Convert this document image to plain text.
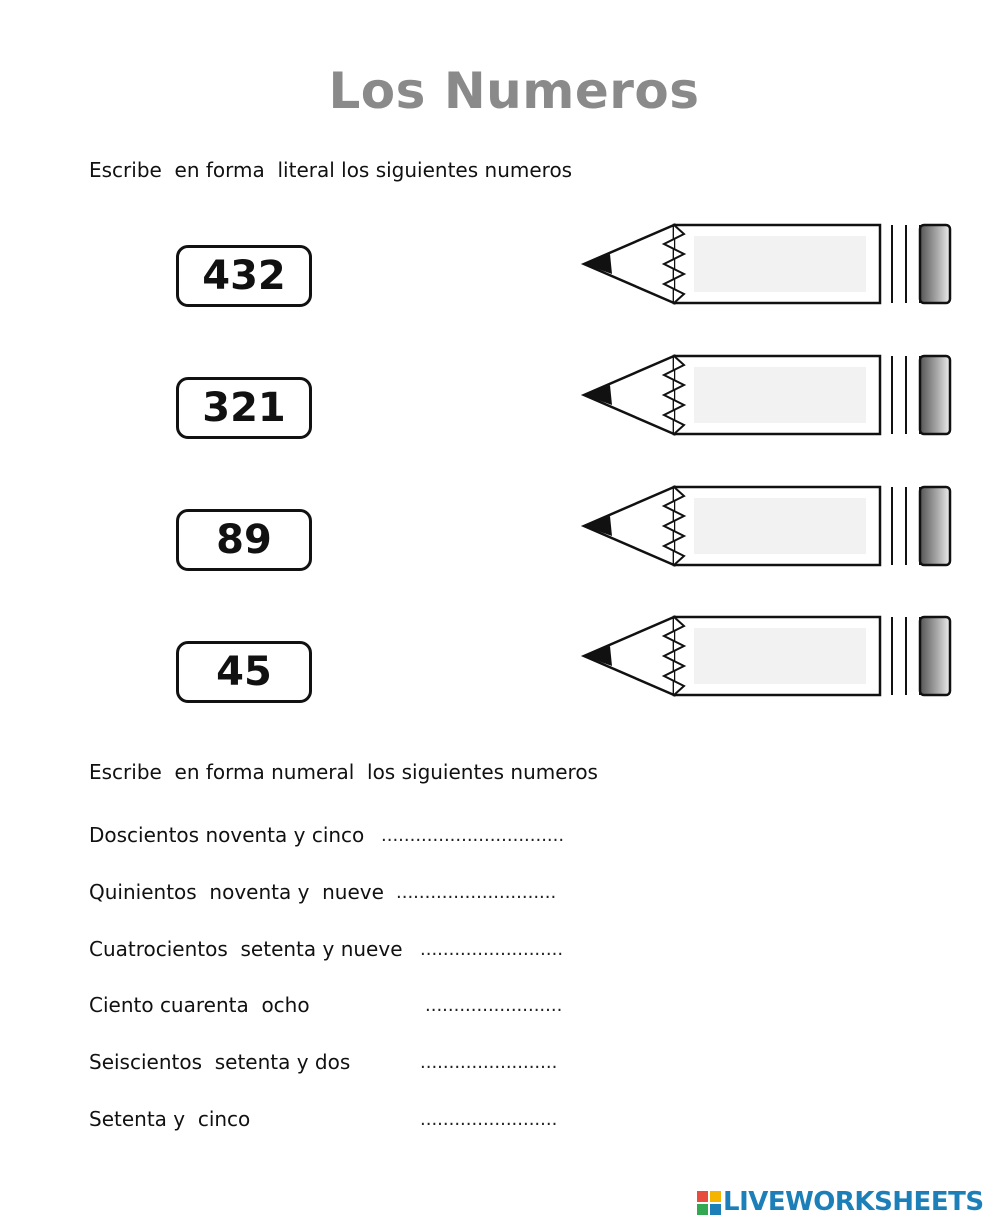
Los Numeros
Escribe  en forma  literal los siguientes numeros
432
321
89
45
Escribe  en forma numeral  los siguientes numeros
Doscientos noventa y cinco ................................
Quinientos  noventa y  nueve ............................
Cuatrocientos  setenta y nueve .........................
Ciento cuarenta  ocho	........................
Seiscientos  setenta y dos	........................
Setenta y  cinco	........................
LIVEWORKSHEETS
